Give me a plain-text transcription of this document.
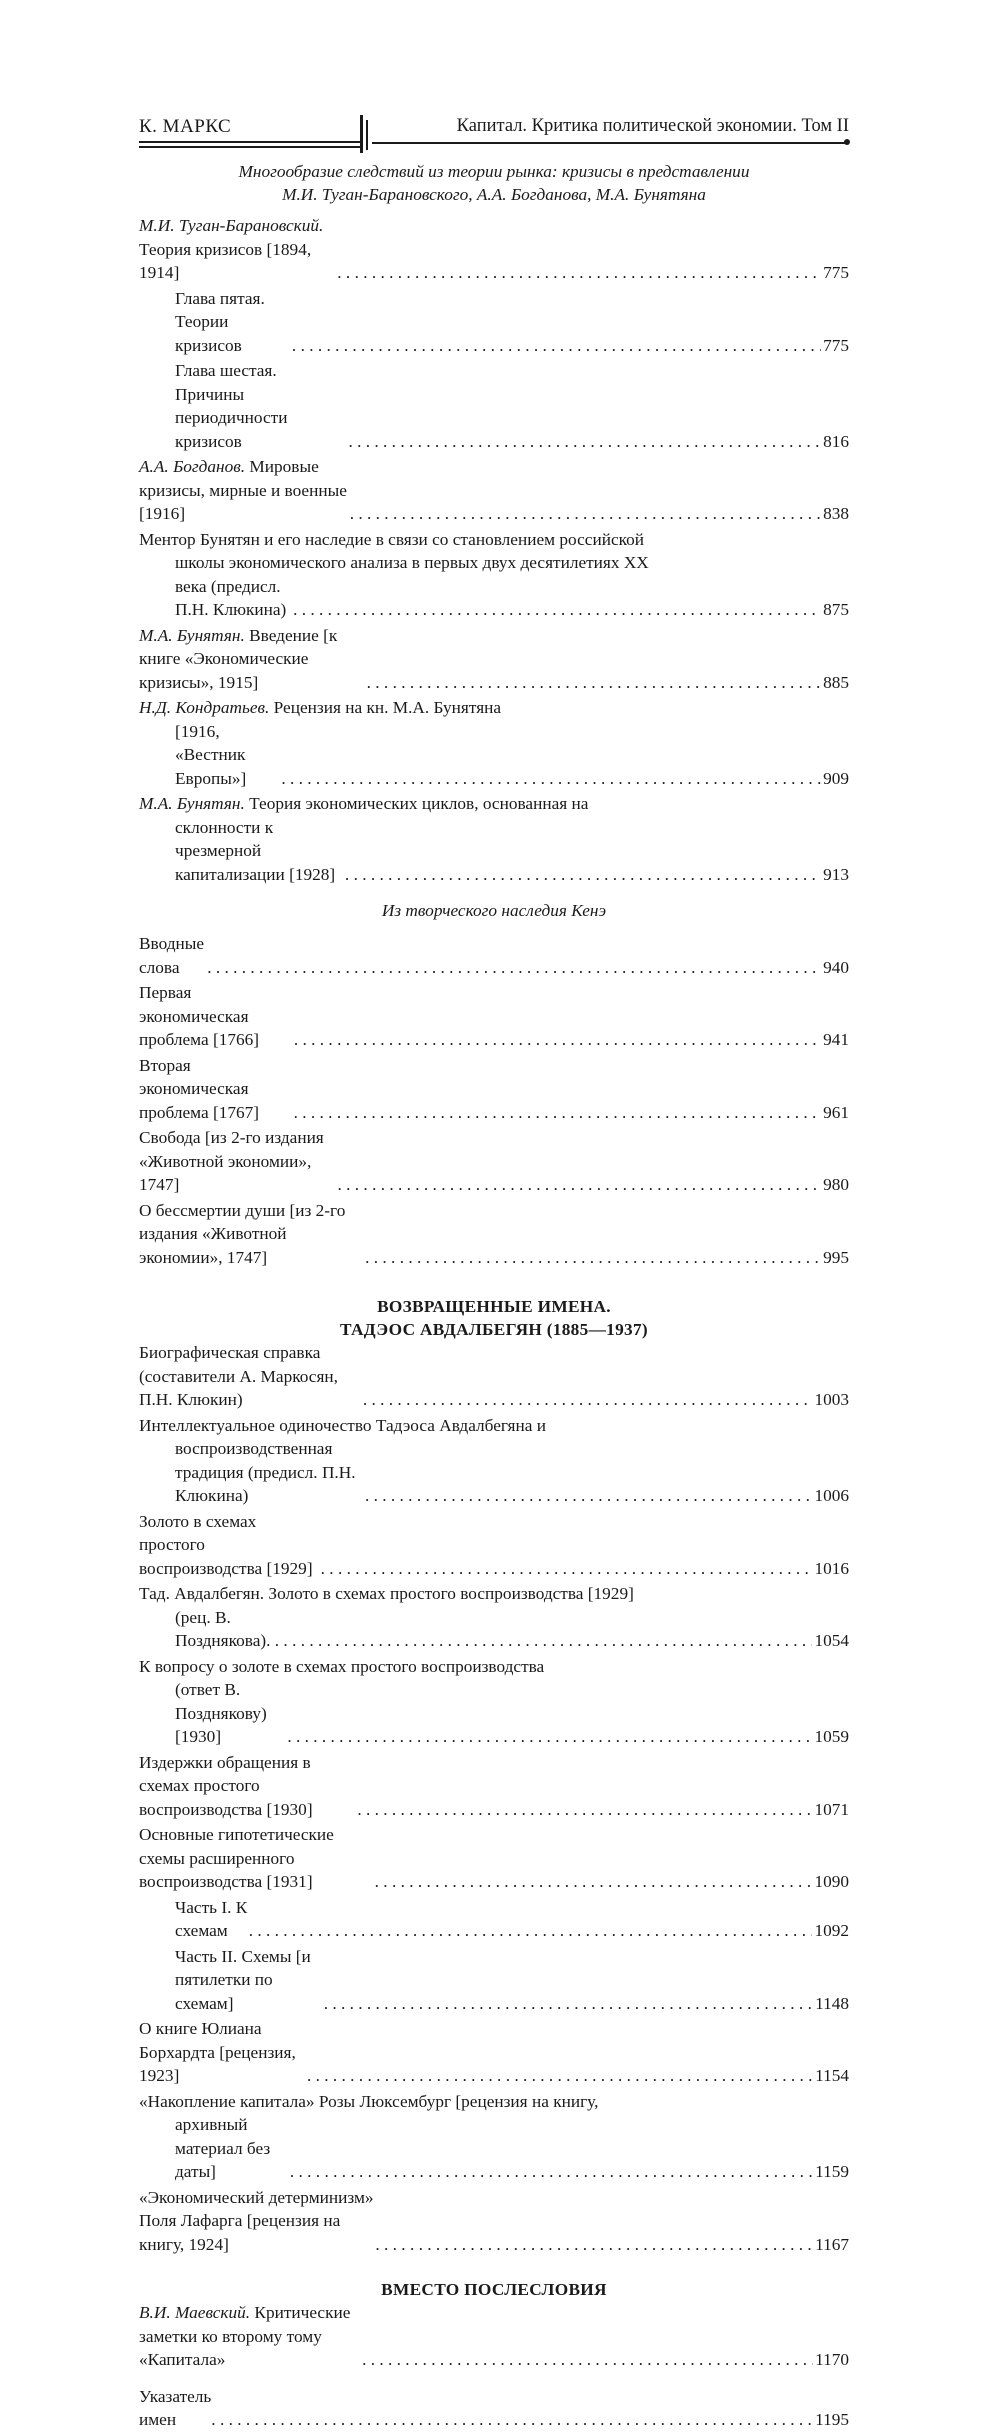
К. МАРКС	Капитал. Критика политической экономии. Том II
Многообразие следствий из теории рынка: кризисы в представлении
М.И. Туган-Барановского, А.А. Богданова, М.А. Бунятяна
М.И. Туган-Барановский. Теория кризисов [1894, 1914] . . .	775
Глава пятая. Теории кризисов . . .	775
Глава шестая. Причины периодичности кризисов . . .	816
А.А. Богданов. Мировые кризисы, мирные и военные [1916] . . .	838
Ментор Бунятян и его наследие в связи со становлением российской
школы экономического анализа в первых двух десятилетиях XX
века (предисл. П.Н. Клюкина) . . .	875
М.А. Бунятян. Введение [к книге «Экономические кризисы», 1915] . . .	885
Н.Д. Кондратьев. Рецензия на кн. М.А. Бунятяна
[1916, «Вестник Европы»] . . .	909
М.А. Бунятян. Теория экономических циклов, основанная на
склонности к чрезмерной капитализации [1928] . . .	913
Из творческого наследия Кенэ
Вводные слова . . .	940
Первая экономическая проблема [1766] . . .	941
Вторая экономическая проблема [1767] . . .	961
Свобода [из 2-го издания «Животной экономии», 1747] . . .	980
О бессмертии души [из 2-го издания «Животной экономии», 1747] . . .	995
ВОЗВРАЩЕННЫЕ ИМЕНА.
ТАДЭОС АВДАЛБЕГЯН (1885—1937)
Биографическая справка (составители А. Маркосян, П.Н. Клюкин) . . .	1003
Интеллектуальное одиночество Тадэоса Авдалбегяна и
воспроизводственная традиция (предисл. П.Н. Клюкина) . . .	1006
Золото в схемах простого воспроизводства [1929] . . .	1016
Тад. Авдалбегян. Золото в схемах простого воспроизводства [1929]
(рец. В. Позднякова) . . .	1054
К вопросу о золоте в схемах простого воспроизводства
(ответ В. Позднякову) [1930] . . .	1059
Издержки обращения в схемах простого воспроизводства [1930] . . .	1071
Основные гипотетические схемы расширенного воспроизводства [1931] . . .	1090
Часть I. К схемам . . .	1092
Часть II. Схемы [и пятилетки по схемам] . . .	1148
О книге Юлиана Борхардта [рецензия, 1923] . . .	1154
«Накопление капитала» Розы Люксембург [рецензия на книгу,
архивный материал без даты] . . .	1159
«Экономический детерминизм» Поля Лафарга [рецензия на книгу, 1924] . . .	1167
ВМЕСТО ПОСЛЕСЛОВИЯ
В.И. Маевский. Критические заметки ко второму тому «Капитала» . . .	1170
Указатель имен . . .	1195
